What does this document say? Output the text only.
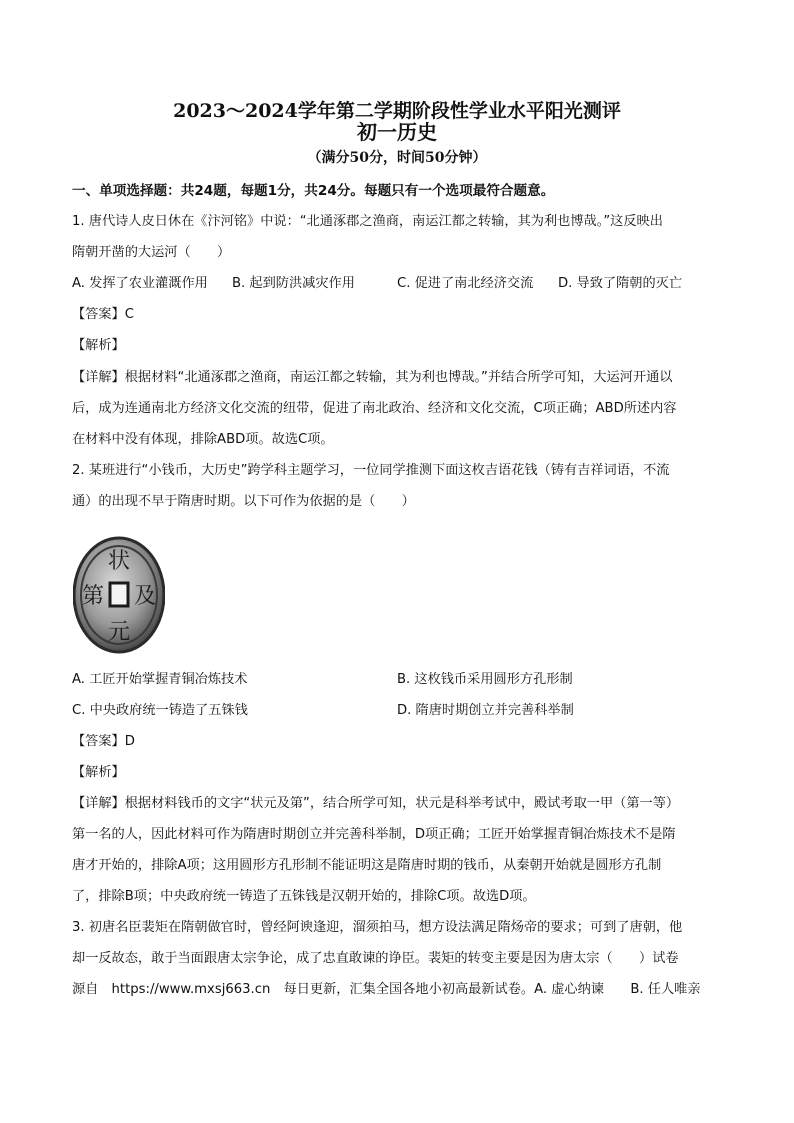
2023～2024学年第二学期阶段性学业水平阳光测评
初一历史
（满分50分，时间50分钟）
一、单项选择题：共24题，每题1分，共24分。每题只有一个选项最符合题意。
1. 唐代诗人皮日休在《汴河铭》中说：“北通涿郡之渔商，南运江都之转输，其为利也博哉。”这反映出
隋朝开凿的大运河（　　）
A. 发挥了农业灌溉作用 B. 起到防洪减灾作用	C. 促进了南北经济交流 D. 导致了隋朝的灭亡
【答案】C
【解析】
【详解】根据材料“北通涿郡之渔商，南运江都之转输，其为利也博哉。”并结合所学可知，大运河开通以
后，成为连通南北方经济文化交流的纽带，促进了南北政治、经济和文化交流，C项正确；ABD所述内容
在材料中没有体现，排除ABD项。故选C项。
2. 某班进行“小钱币，大历史”跨学科主题学习，一位同学推测下面这枚吉语花钱（铸有吉祥词语，不流
通）的出现不早于隋唐时期。以下可作为依据的是（　　）
状
及
元
第
A. 工匠开始掌握青铜冶炼技术	B. 这枚钱币采用圆形方孔形制
C. 中央政府统一铸造了五铢钱	D. 隋唐时期创立并完善科举制
【答案】D
【解析】
【详解】根据材料钱币的文字“状元及第”，结合所学可知，状元是科举考试中，殿试考取一甲（第一等）
第一名的人，因此材料可作为隋唐时期创立并完善科举制，D项正确；工匠开始掌握青铜冶炼技术不是隋
唐才开始的，排除A项；这用圆形方孔形制不能证明这是隋唐时期的钱币，从秦朝开始就是圆形方孔制
了，排除B项；中央政府统一铸造了五铢钱是汉朝开始的，排除C项。故选D项。
3. 初唐名臣裴矩在隋朝做官时，曾经阿谀逢迎，溜须拍马，想方设法满足隋炀帝的要求；可到了唐朝，他
却一反故态，敢于当面跟唐太宗争论，成了忠直敢谏的诤臣。裴矩的转变主要是因为唐太宗（　　）试卷
源自　https://www.mxsj663.cn　每日更新，汇集全国各地小初高最新试卷。A. 虚心纳谏　　B. 任人唯亲
